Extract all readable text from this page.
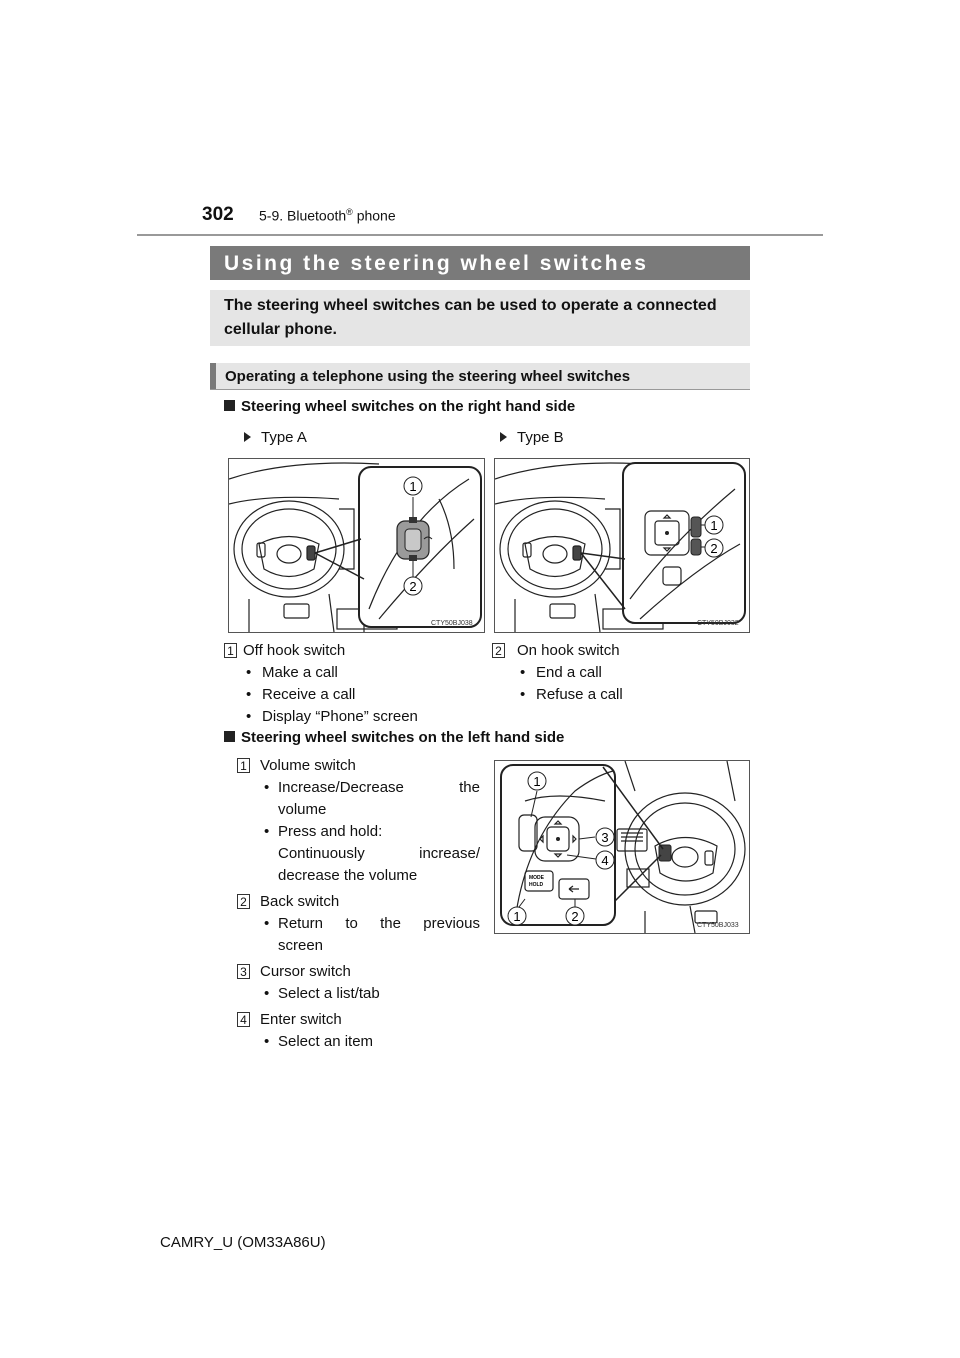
302 5-9. Bluetooth® phone
Using the steering wheel switches
The steering wheel switches can be used to operate a connected cellular phone.
Operating a telephone using the steering wheel switches
Steering wheel switches on the right hand side
Type A	Type B
1
2
CTY50BJ038
1
2
CTY50BJ032
1 Off hook switch
• Make a call
• Receive a call
• Display “Phone” screen
2 On hook switch
• End a call
• Refuse a call
Steering wheel switches on the left hand side
1 Volume switch
• Increase/Decrease the
volume
• Press and hold:
Continuously increase/
decrease the volume
2 Back switch
• Return to the previous
screen
3 Cursor switch
• Select a list/tab
4 Enter switch
• Select an item
MODE
HOLD
1
3
4
2
1
CTY50BJ033
CAMRY_U (OM33A86U)
